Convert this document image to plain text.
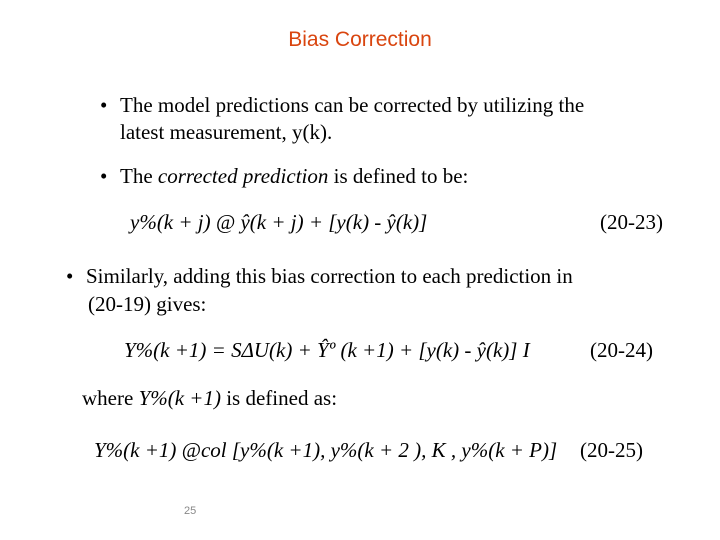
Bias Correction
• The model predictions can be corrected by utilizing the
latest measurement, y(k).
• The corrected prediction is defined to be:
y%(k + j) @ ŷ(k + j) + [y(k) - ŷ(k)]	(20-23)
• Similarly, adding this bias correction to each prediction in
(20-19) gives:
Y%(k +1) = SΔU(k) + Ŷº (k +1) + [y(k) - ŷ(k)] I	(20-24)
where Y%(k +1) is defined as:
Y%(k +1) @col [y%(k +1), y%(k + 2 ), K , y%(k + P)] (20-25)
25
